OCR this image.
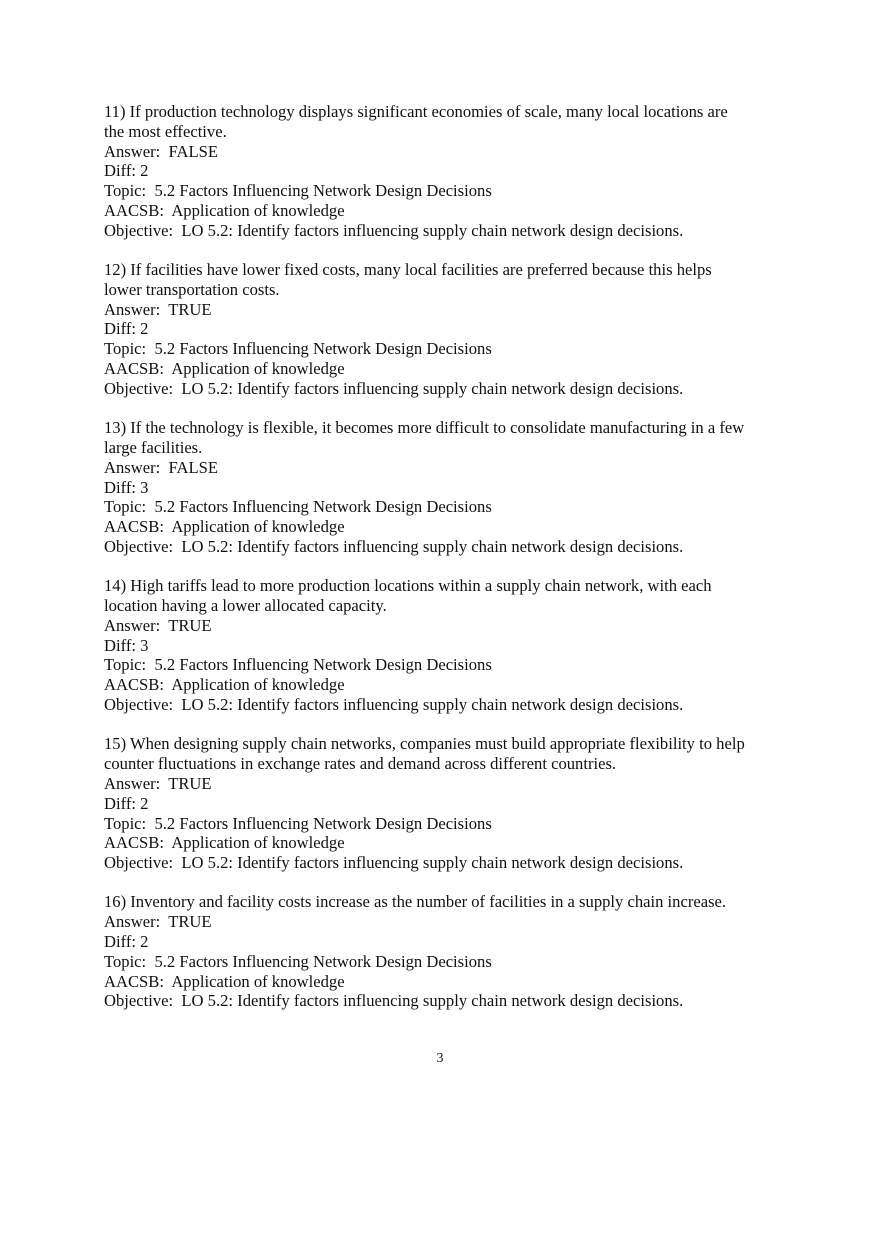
11) If production technology displays significant economies of scale, many local locations are
the most effective.
Answer:  FALSE
Diff: 2
Topic:  5.2 Factors Influencing Network Design Decisions
AACSB:  Application of knowledge
Objective:  LO 5.2: Identify factors influencing supply chain network design decisions.
12) If facilities have lower fixed costs, many local facilities are preferred because this helps
lower transportation costs.
Answer:  TRUE
Diff: 2
Topic:  5.2 Factors Influencing Network Design Decisions
AACSB:  Application of knowledge
Objective:  LO 5.2: Identify factors influencing supply chain network design decisions.
13) If the technology is flexible, it becomes more difficult to consolidate manufacturing in a few
large facilities.
Answer:  FALSE
Diff: 3
Topic:  5.2 Factors Influencing Network Design Decisions
AACSB:  Application of knowledge
Objective:  LO 5.2: Identify factors influencing supply chain network design decisions.
14) High tariffs lead to more production locations within a supply chain network, with each
location having a lower allocated capacity.
Answer:  TRUE
Diff: 3
Topic:  5.2 Factors Influencing Network Design Decisions
AACSB:  Application of knowledge
Objective:  LO 5.2: Identify factors influencing supply chain network design decisions.
15) When designing supply chain networks, companies must build appropriate flexibility to help
counter fluctuations in exchange rates and demand across different countries.
Answer:  TRUE
Diff: 2
Topic:  5.2 Factors Influencing Network Design Decisions
AACSB:  Application of knowledge
Objective:  LO 5.2: Identify factors influencing supply chain network design decisions.
16) Inventory and facility costs increase as the number of facilities in a supply chain increase.
Answer:  TRUE
Diff: 2
Topic:  5.2 Factors Influencing Network Design Decisions
AACSB:  Application of knowledge
Objective:  LO 5.2: Identify factors influencing supply chain network design decisions.
3
